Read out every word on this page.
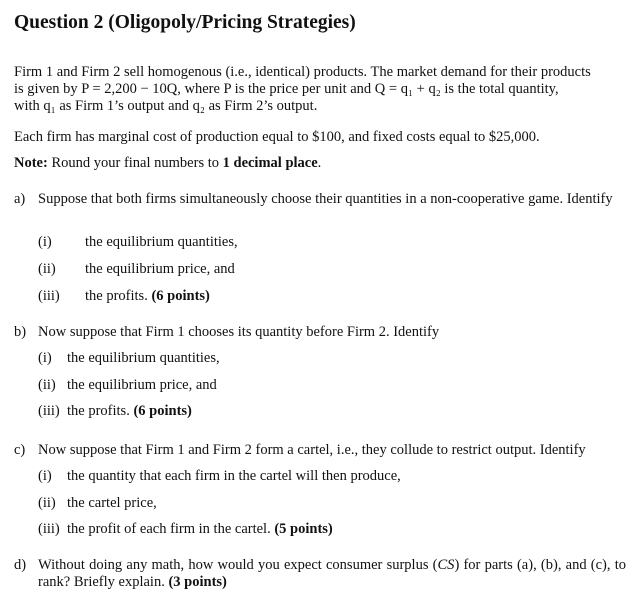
Question 2 (Oligopoly/Pricing Strategies)
Firm 1 and Firm 2 sell homogenous (i.e., identical) products. The market demand for their products
is given by P = 2,200 − 10Q, where P is the price per unit and Q = q₁ + q₂ is the total quantity,
with q₁ as Firm 1’s output and q₂ as Firm 2’s output.
Each firm has marginal cost of production equal to $100, and fixed costs equal to $25,000.
Note: Round your final numbers to 1 decimal place.
a) Suppose that both firms simultaneously choose their quantities in a non-cooperative game. Identify
(i) the equilibrium quantities,
(ii) the equilibrium price, and
(iii) the profits. (6 points)
b) Now suppose that Firm 1 chooses its quantity before Firm 2. Identify
(i) the equilibrium quantities,
(ii) the equilibrium price, and
(iii) the profits. (6 points)
c) Now suppose that Firm 1 and Firm 2 form a cartel, i.e., they collude to restrict output. Identify
(i) the quantity that each firm in the cartel will then produce,
(ii) the cartel price,
(iii) the profit of each firm in the cartel. (5 points)
d) Without doing any math, how would you expect consumer surplus (CS) for parts (a), (b), and (c), to rank? Briefly explain. (3 points)
